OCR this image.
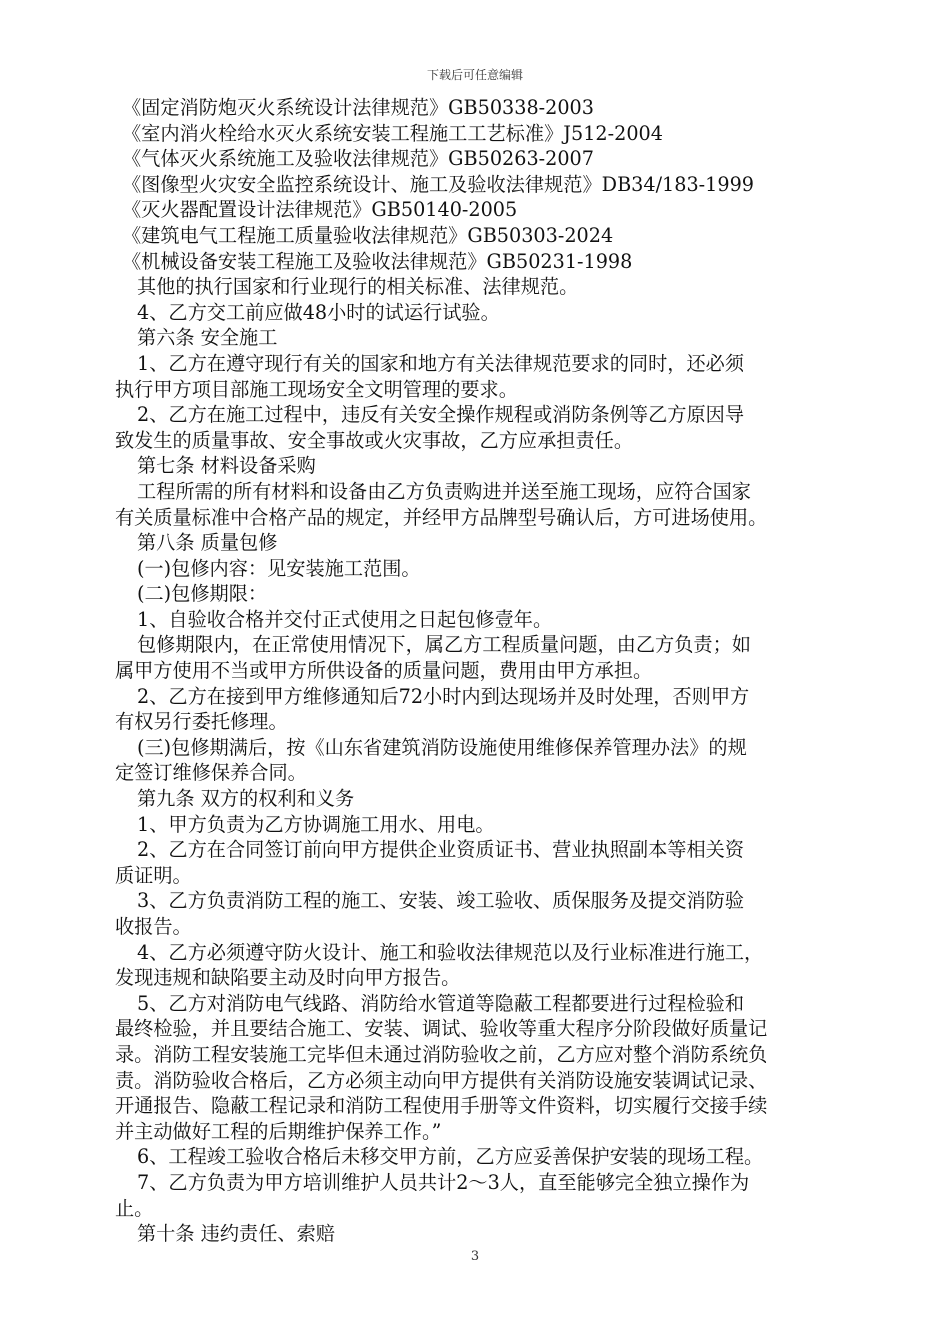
下载后可任意编辑
《固定消防炮灭火系统设计法律规范》GB50338-2003
《室内消火栓给水灭火系统安装工程施工工艺标准》J512-2004
《气体灭火系统施工及验收法律规范》GB50263-2007
《图像型火灾安全监控系统设计、施工及验收法律规范》DB34/183-1999
《灭火器配置设计法律规范》GB50140-2005
《建筑电气工程施工质量验收法律规范》GB50303-2024
《机械设备安装工程施工及验收法律规范》GB50231-1998
其他的执行国家和行业现行的相关标准、法律规范。
4、乙方交工前应做48小时的试运行试验。
第六条 安全施工
1、乙方在遵守现行有关的国家和地方有关法律规范要求的同时，还必须
执行甲方项目部施工现场安全文明管理的要求。
2、乙方在施工过程中，违反有关安全操作规程或消防条例等乙方原因导
致发生的质量事故、安全事故或火灾事故，乙方应承担责任。
第七条 材料设备采购
工程所需的所有材料和设备由乙方负责购进并送至施工现场，应符合国家
有关质量标准中合格产品的规定，并经甲方品牌型号确认后，方可进场使用。
第八条 质量包修
(一)包修内容：见安装施工范围。
(二)包修期限：
1、自验收合格并交付正式使用之日起包修壹年。
包修期限内，在正常使用情况下，属乙方工程质量问题，由乙方负责；如
属甲方使用不当或甲方所供设备的质量问题，费用由甲方承担。
2、乙方在接到甲方维修通知后72小时内到达现场并及时处理，否则甲方
有权另行委托修理。
(三)包修期满后，按《山东省建筑消防设施使用维修保养管理办法》的规
定签订维修保养合同。
第九条 双方的权利和义务
1、甲方负责为乙方协调施工用水、用电。
2、乙方在合同签订前向甲方提供企业资质证书、营业执照副本等相关资
质证明。
3、乙方负责消防工程的施工、安装、竣工验收、质保服务及提交消防验
收报告。
4、乙方必须遵守防火设计、施工和验收法律规范以及行业标准进行施工，
发现违规和缺陷要主动及时向甲方报告。
5、乙方对消防电气线路、消防给水管道等隐蔽工程都要进行过程检验和
最终检验，并且要结合施工、安装、调试、验收等重大程序分阶段做好质量记
录。消防工程安装施工完毕但未通过消防验收之前，乙方应对整个消防系统负
责。消防验收合格后，乙方必须主动向甲方提供有关消防设施安装调试记录、
开通报告、隐蔽工程记录和消防工程使用手册等文件资料，切实履行交接手续
并主动做好工程的后期维护保养工作。”
6、工程竣工验收合格后未移交甲方前，乙方应妥善保护安装的现场工程。
7、乙方负责为甲方培训维护人员共计2～3人，直至能够完全独立操作为
止。
第十条 违约责任、索赔
3
